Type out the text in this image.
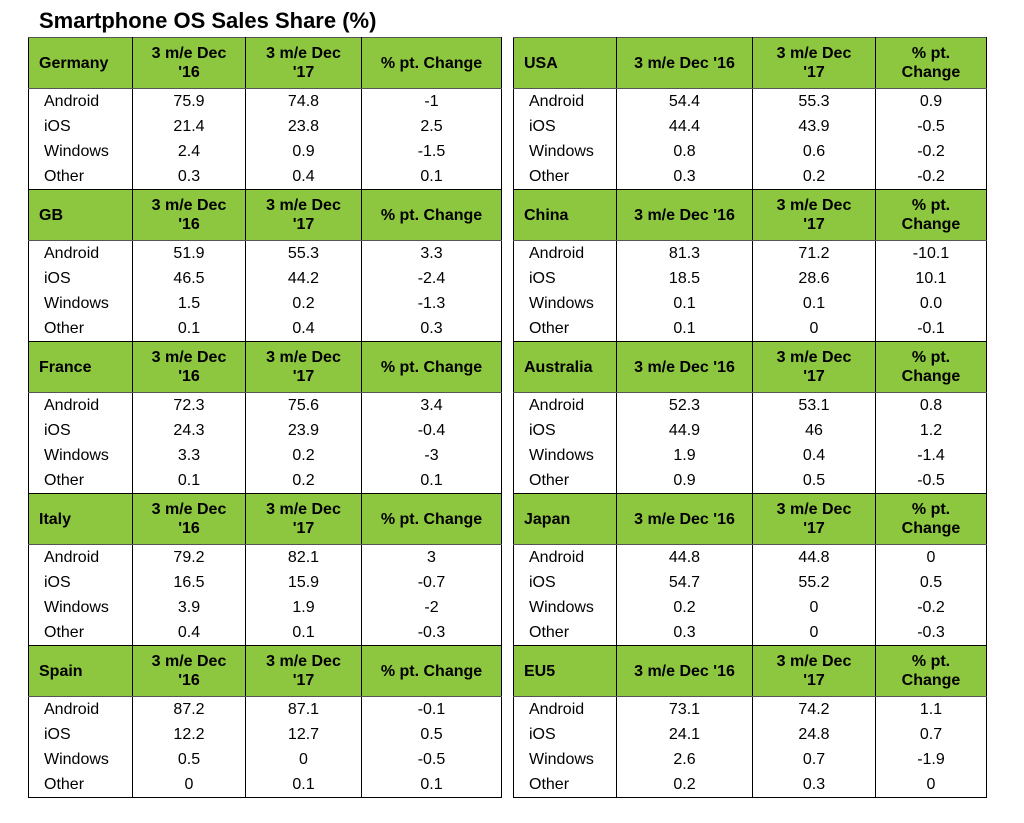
Smartphone OS Sales Share (%)
Germany	3 m/e Dec '16	3 m/e Dec '17	% pt. Change
Android	75.9	74.8	-1
iOS	21.4	23.8	2.5
Windows	2.4	0.9	-1.5
Other	0.3	0.4	0.1
GB	3 m/e Dec '16	3 m/e Dec '17	% pt. Change
Android	51.9	55.3	3.3
iOS	46.5	44.2	-2.4
Windows	1.5	0.2	-1.3
Other	0.1	0.4	0.3
France	3 m/e Dec '16	3 m/e Dec '17	% pt. Change
Android	72.3	75.6	3.4
iOS	24.3	23.9	-0.4
Windows	3.3	0.2	-3
Other	0.1	0.2	0.1
Italy	3 m/e Dec '16	3 m/e Dec '17	% pt. Change
Android	79.2	82.1	3
iOS	16.5	15.9	-0.7
Windows	3.9	1.9	-2
Other	0.4	0.1	-0.3
Spain	3 m/e Dec '16	3 m/e Dec '17	% pt. Change
Android	87.2	87.1	-0.1
iOS	12.2	12.7	0.5
Windows	0.5	0	-0.5
Other	0	0.1	0.1
USA	3 m/e Dec '16	3 m/e Dec '17	% pt. Change
Android	54.4	55.3	0.9
iOS	44.4	43.9	-0.5
Windows	0.8	0.6	-0.2
Other	0.3	0.2	-0.2
China	3 m/e Dec '16	3 m/e Dec '17	% pt. Change
Android	81.3	71.2	-10.1
iOS	18.5	28.6	10.1
Windows	0.1	0.1	0.0
Other	0.1	0	-0.1
Australia	3 m/e Dec '16	3 m/e Dec '17	% pt. Change
Android	52.3	53.1	0.8
iOS	44.9	46	1.2
Windows	1.9	0.4	-1.4
Other	0.9	0.5	-0.5
Japan	3 m/e Dec '16	3 m/e Dec '17	% pt. Change
Android	44.8	44.8	0
iOS	54.7	55.2	0.5
Windows	0.2	0	-0.2
Other	0.3	0	-0.3
EU5	3 m/e Dec '16	3 m/e Dec '17	% pt. Change
Android	73.1	74.2	1.1
iOS	24.1	24.8	0.7
Windows	2.6	0.7	-1.9
Other	0.2	0.3	0
